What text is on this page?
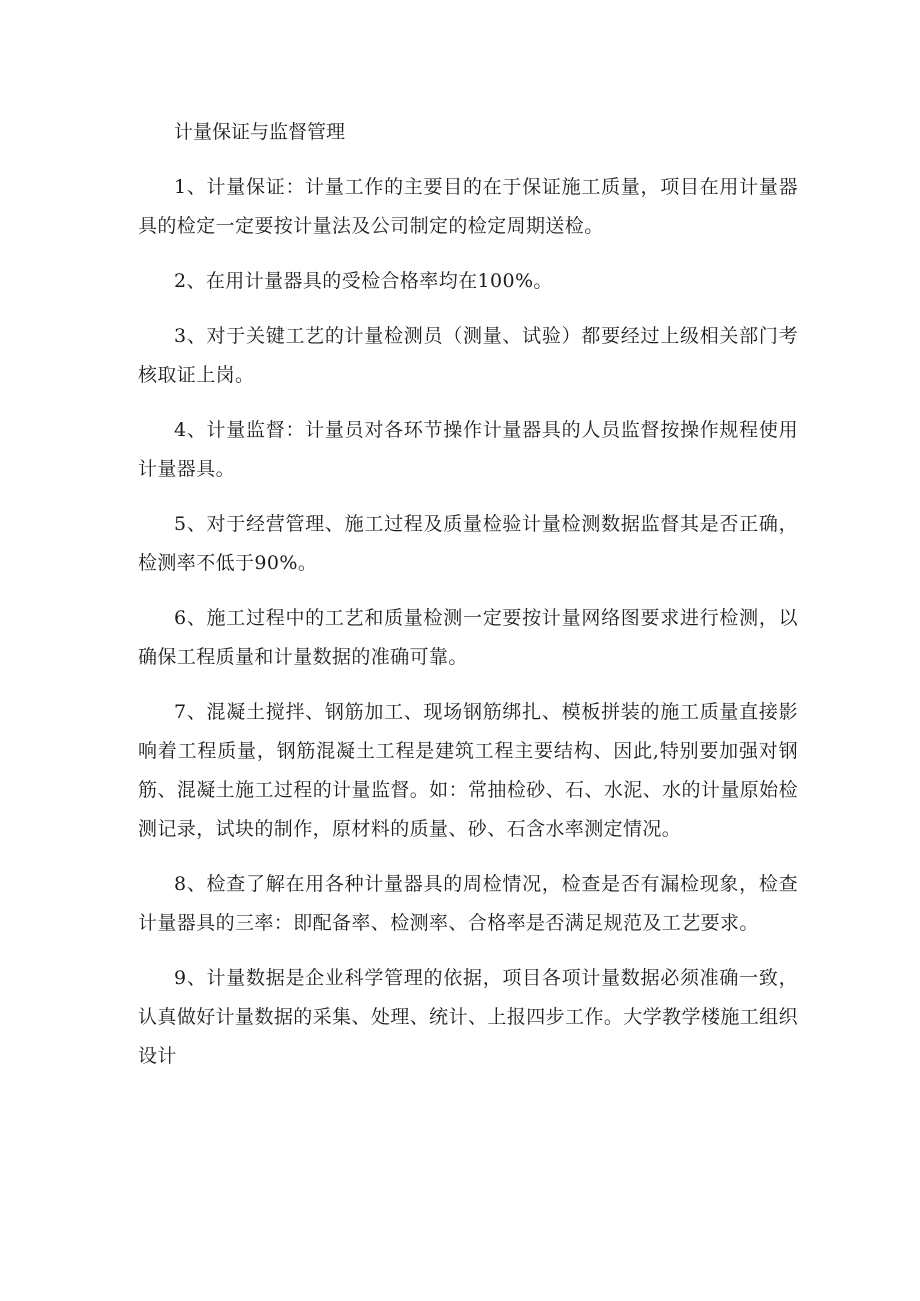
计量保证与监督管理

1、计量保证：计量工作的主要目的在于保证施工质量，项目在用计量器具的检定一定要按计量法及公司制定的检定周期送检。

2、在用计量器具的受检合格率均在100%。

3、对于关键工艺的计量检测员（测量、试验）都要经过上级相关部门考核取证上岗。

4、计量监督：计量员对各环节操作计量器具的人员监督按操作规程使用计量器具。

5、对于经营管理、施工过程及质量检验计量检测数据监督其是否正确，检测率不低于90%。

6、施工过程中的工艺和质量检测一定要按计量网络图要求进行检测，以确保工程质量和计量数据的准确可靠。

7、混凝土搅拌、钢筋加工、现场钢筋绑扎、模板拼装的施工质量直接影响着工程质量，钢筋混凝土工程是建筑工程主要结构、因此,特别要加强对钢筋、混凝土施工过程的计量监督。如：常抽检砂、石、水泥、水的计量原始检测记录，试块的制作，原材料的质量、砂、石含水率测定情况。

8、检查了解在用各种计量器具的周检情况，检查是否有漏检现象，检查计量器具的三率：即配备率、检测率、合格率是否满足规范及工艺要求。

9、计量数据是企业科学管理的依据，项目各项计量数据必须准确一致，认真做好计量数据的采集、处理、统计、上报四步工作。大学教学楼施工组织设计
